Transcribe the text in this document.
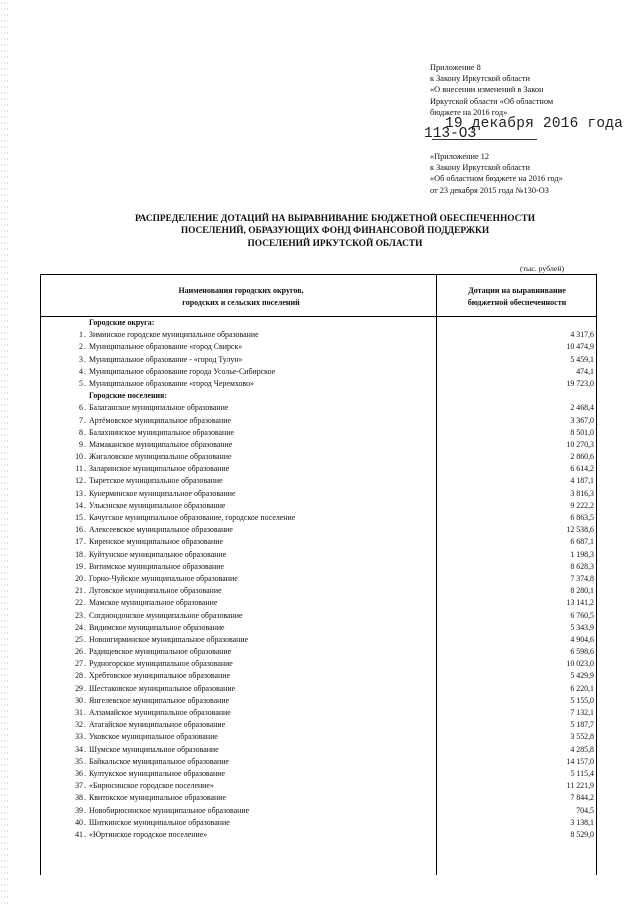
Приложение 8
к Закону Иркутской области
«О внесении изменений в Закон
Иркутской области «Об областном
бюджете на 2016 год»
19 декабря 2016 года
113-ОЗ
«Приложение 12
к Закону Иркутской области
«Об областном бюджете на 2016 год»
от 23 декабря 2015 года №130-ОЗ
РАСПРЕДЕЛЕНИЕ ДОТАЦИЙ НА ВЫРАВНИВАНИЕ БЮДЖЕТНОЙ ОБЕСПЕЧЕННОСТИ
ПОСЕЛЕНИЙ, ОБРАЗУЮЩИХ ФОНД ФИНАНСОВОЙ ПОДДЕРЖКИ
ПОСЕЛЕНИЙ ИРКУТСКОЙ ОБЛАСТИ
(тыс. рублей)
Наименования городских округов,
городских и сельских поселений
Дотации на выравнивание
бюджетной обеспеченности
Городские округа:
1 . Зиминское городское муниципальное образование	4 317,6
2 . Муниципальное образование «город Свирск»	10 474,9
3 . Муниципальное образование - «город Тулун»	5 459,1
4 . Муниципальное образование города Усолье-Сибирское	474,1
5 . Муниципальное образование «город Черемхово»	19 723,0
Городские поселения:
6 . Балаганское муниципальное образование	2 468,4
7 . Артёмовское муниципальное образование	3 367,0
8 . Балахнинское муниципальное образование	8 501,0
9 . Мамаканское муниципальное образование	10 270,3
10 . Жигаловское муниципальное образование	2 860,6
11 . Заларинское муниципальное образование	6 614,2
12 . Тыретское муниципальное образование	4 187,1
13 . Кунерминское муниципальное образование	3 816,3
14 . Улькэнское муниципальное образование	9 222,2
15 . Качугское муниципальное образование, городское поселение	6 863,5
16 . Алексеевское муниципальное образование	12 538,6
17 . Киренское муниципальное образование	6 687,1
18 . Куйтунское муниципальное образование	1 198,3
19 . Витимское муниципальное образование	8 628,3
20 . Горно-Чуйское муниципальное образование	7 374,8
21 . Луговское муниципальное образование	8 280,1
22 . Мамское муниципальное образование	13 141,2
23 . Согдиондонское муниципальное образование	6 760,5
24 . Видимское муниципальное образование	5 343,9
25 . Новоигирминское муниципальное образование	4 904,6
26 . Радищевское муниципальное образование	6 598,6
27 . Рудногорское муниципальное образование	10 023,0
28 . Хребтовское муниципальное образование	5 429,9
29 . Шестаковское муниципальное образование	6 220,1
30 . Янгелевское муниципальное образование	5 155,0
31 . Алзамайское муниципальное образование	7 132,1
32 . Атагайское муниципальное образование	5 187,7
33 . Уковское муниципальное образование	3 552,8
34 . Шумское муниципальное образование	4 285,8
35 . Байкальское муниципальное образование	14 157,0
36 . Култукское муниципальное образование	5 115,4
37 . «Бирюсинское городское поселение»	11 221,9
38 . Квитокское муниципальное образование	7 844,2
39 . Новобирюсинское муниципальное образование	704,5
40 . Шиткинское муниципальное образование	3 138,1
41 . «Юртинское городское поселение»	8 529,0
